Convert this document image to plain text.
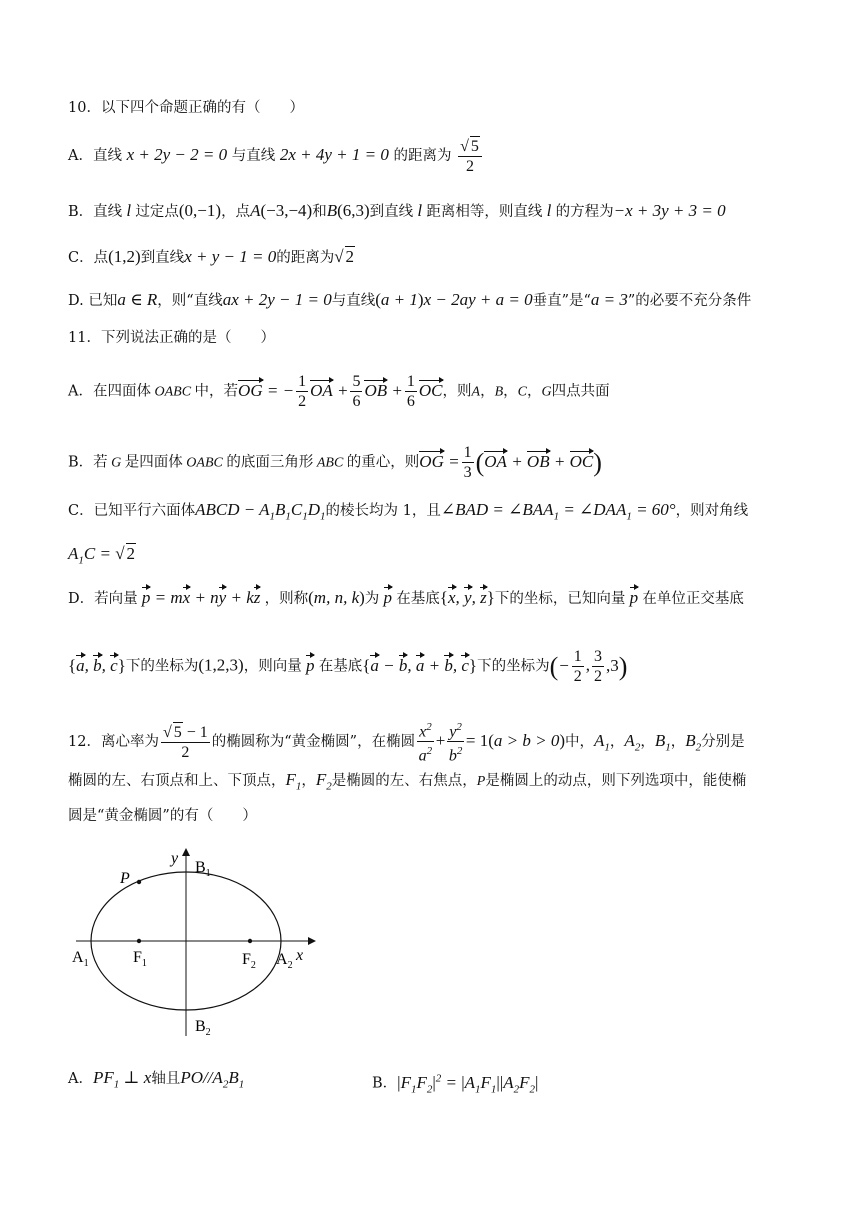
10．以下四个命题正确的有（　　）
A．直线 x + 2y − 2 = 0 与直线 2x + 4y + 1 = 0 的距离为 $\frac{√ 5}{2}$
B．直线 l 过定点(0,−1)，点A(−3,−4)和B(6,3)到直线 l 距离相等，则直线 l 的方程为−x + 3y + 3 = 0
C．点(1,2)到直线x + y − 1 = 0的距离为√ 2
D. 已知a ∈ R，则“直线ax + 2y − 1 = 0与直线(a + 1)x − 2ay + a = 0垂直”是“a = 3”的必要不充分条件
11．下列说法正确的是（　　）
A．在四面体 OABC 中，若OG = − $\frac{1}{2}$ OA + $\frac{5}{6}$ OB + $\frac{1}{6}$ OC，则A，B，C，G四点共面
B．若 G 是四面体 OABC 的底面三角形 ABC 的重心，则OG = $\frac{1}{3} (OA$ + OB + OC)
C．已知平行六面体ABCD − $A_1B_1C_1D_1$的棱长均为 1，且∠BAD = $\angle BAA_1$ = $\angle DAA_1 = 60^\circ$，则对角线
$A_1C$ = √ 2
D．若向量 p = mx + ny + kz ，则称(m, n, k)为 p 在基底{x, y, z}下的坐标，已知向量 p 在单位正交基底
{a, b, c}下的坐标为(1,2,3)，则向量 p 在基底{a − b, a + b, c}下的坐标为(− $\frac{1}{2}$ , $\frac{3}{2} ,3$)
12．离心率为 $\frac{√ 5 - 1}{2}$ 的椭圆称为“黄金椭圆”，在椭圆 $\frac{x^2}{a^2} + \frac{y^2}{b^2} = 1(a > b > 0)$中，$A_1$，$A_2$，$B_1$，$B_2$分别是
椭圆的左、右顶点和上、下顶点，$F_1$，$F_2$是椭圆的左、右焦点，P是椭圆上的动点，则下列选项中，能使椭
圆是“黄金椭圆”的有（　　）
y
$B_1$
P
$A_1$	$F_1$	$F_2$ $A_2$
x
$B_2$
A．$PF_1$ ⊥ x轴且$PO//A_2B_1$	B．$|F_1F_2|^2 = |A_1F_1||A_2F_2|$
